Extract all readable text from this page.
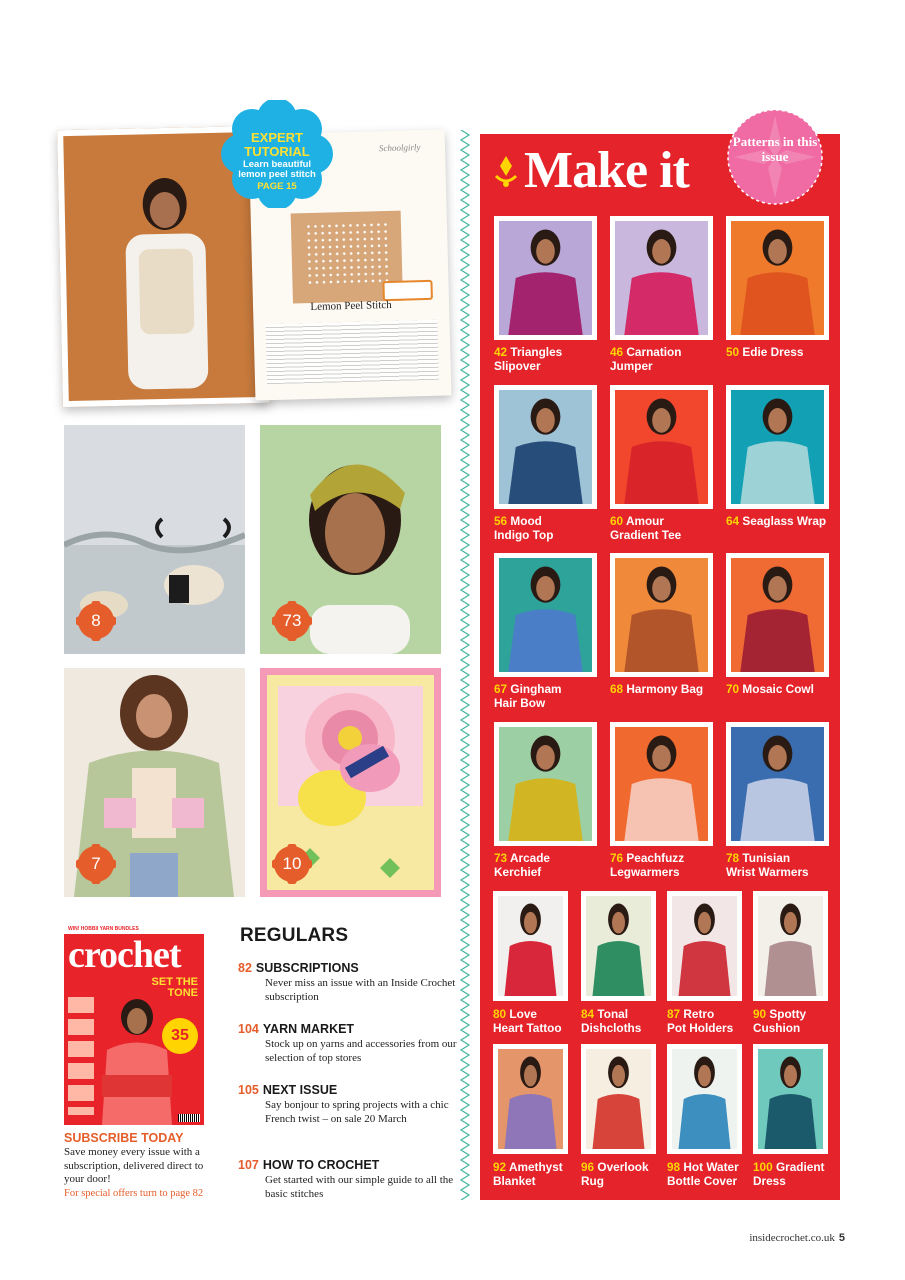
Schoolgirly
Lemon Peel Stitch
EXPERT
TUTORIAL
Learn beautiful
lemon peel stitch
PAGE 15
8	73
7	10
WIN! HOBBII YARN BUNDLES
crochet
SET THE
TONE
35
SUBSCRIBE TODAY
Save money every issue with a subscription, delivered direct to your door!
For special offers turn to page 82
REGULARS
82 SUBSCRIPTIONS
Never miss an issue with an Inside Crochet subscription
104 YARN MARKET
Stock up on yarns and accessories from our selection of top stores
105 NEXT ISSUE
Say bonjour to spring projects with a chic French twist – on sale 20 March
107 HOW TO CROCHET
Get started with our simple guide to all the basic stitches
Make it
Patterns in this issue
42 Triangles
Slipover
46 Carnation
Jumper
50 Edie Dress
56 Mood
Indigo Top
60 Amour
Gradient Tee
64 Seaglass Wrap
67 Gingham
Hair Bow
68 Harmony Bag	70 Mosaic Cowl
73 Arcade
Kerchief
76 Peachfuzz
Legwarmers
78 Tunisian
Wrist Warmers
80 Love
Heart Tattoo
84 Tonal
Dishcloths
87 Retro
Pot Holders
90 Spotty
Cushion
92 Amethyst
Blanket
96 Overlook
Rug
98 Hot Water
Bottle Cover
100 Gradient
Dress
insidecrochet.co.uk 5
